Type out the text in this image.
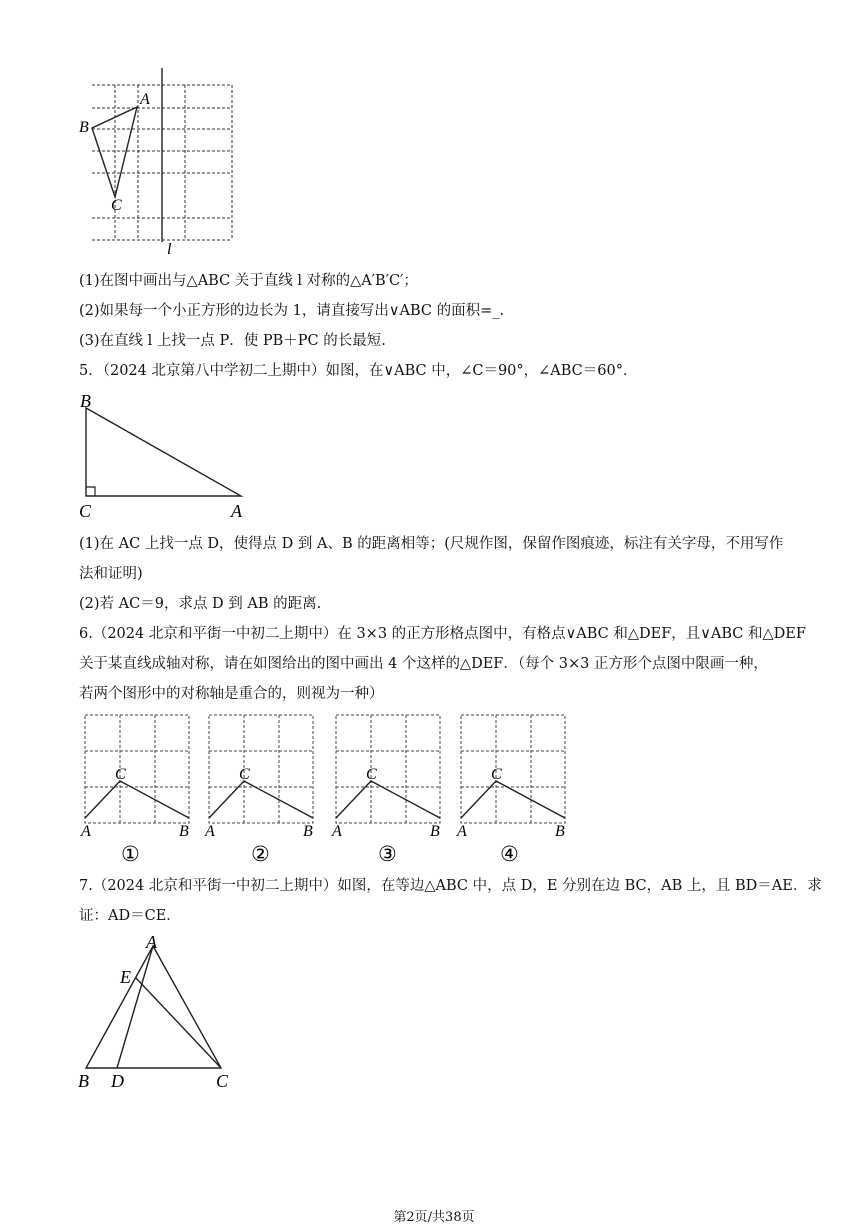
A
B
C
l
(1)在图中画出与△ABC 关于直线 l 对称的△A′B′C′；
(2)如果每一个小正方形的边长为 1，请直接写出∨ABC 的面积=_.
(3)在直线 l 上找一点 P．使 PB＋PC 的长最短.
5．（2024 北京第八中学初二上期中）如图，在∨ABC 中，∠C＝90°，∠ABC＝60°．
B
C	A
(1)在 AC 上找一点 D，使得点 D 到 A、B 的距离相等；(尺规作图，保留作图痕迹，标注有关字母，不用写作
法和证明)
(2)若 AC＝9，求点 D 到 AB 的距离.
6.（2024 北京和平街一中初二上期中）在 3×3 的正方形格点图中，有格点∨ABC 和△DEF，且∨ABC 和△DEF
关于某直线成轴对称，请在如图给出的图中画出 4 个这样的△DEF．（每个 3×3 正方形个点图中限画一种，
若两个图形中的对称轴是重合的，则视为一种）
C
A	B
①
C
A	B
②
C
A	B
③
C
A	B
④
7.（2024 北京和平街一中初二上期中）如图，在等边△ABC 中，点 D，E 分别在边 BC，AB 上，且 BD＝AE．求
证：AD＝CE．
A
E
B D	C
第2页/共38页
